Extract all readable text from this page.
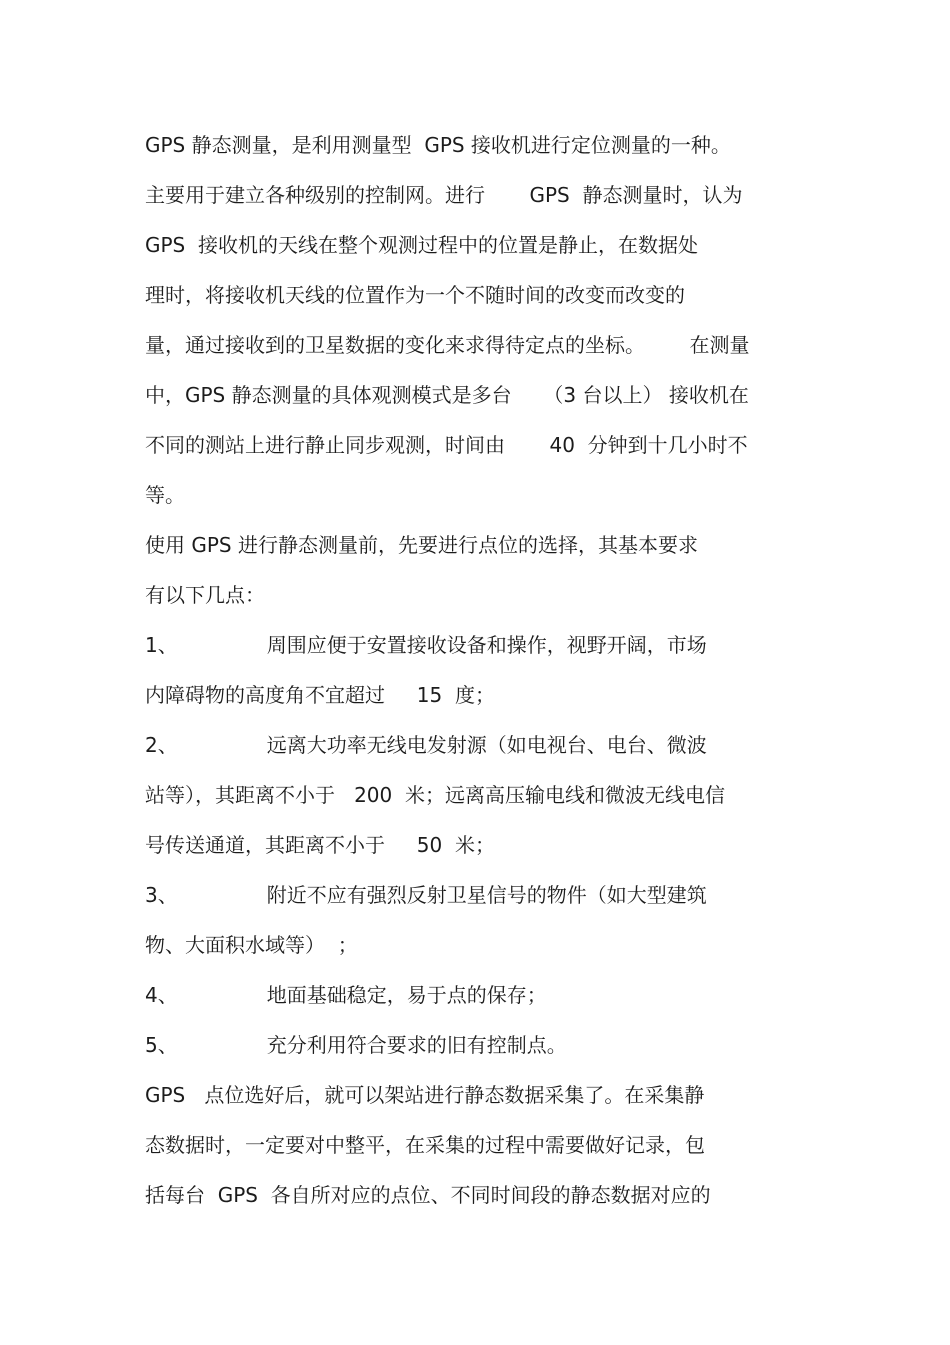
GPS 静态测量，是利用测量型  GPS 接收机进行定位测量的一种。
主要用于建立各种级别的控制网。进行       GPS  静态测量时，认为
GPS  接收机的天线在整个观测过程中的位置是静止，在数据处
理时，将接收机天线的位置作为一个不随时间的改变而改变的
量，通过接收到的卫星数据的变化来求得待定点的坐标。       在测量
中，GPS 静态测量的具体观测模式是多台     （3 台以上） 接收机在
不同的测站上进行静止同步观测，时间由       40  分钟到十几小时不
等。
使用 GPS 进行静态测量前，先要进行点位的选择，其基本要求
有以下几点：
1、              周围应便于安置接收设备和操作，视野开阔，市场
内障碍物的高度角不宜超过     15  度；
2、              远离大功率无线电发射源（如电视台、电台、微波
站等），其距离不小于   200  米；远离高压输电线和微波无线电信
号传送通道，其距离不小于     50  米；
3、              附近不应有强烈反射卫星信号的物件（如大型建筑
物、大面积水域等）  ；
4、              地面基础稳定，易于点的保存；
5、              充分利用符合要求的旧有控制点。
GPS   点位选好后，就可以架站进行静态数据采集了。在采集静
态数据时，一定要对中整平，在采集的过程中需要做好记录，包
括每台  GPS  各自所对应的点位、不同时间段的静态数据对应的
